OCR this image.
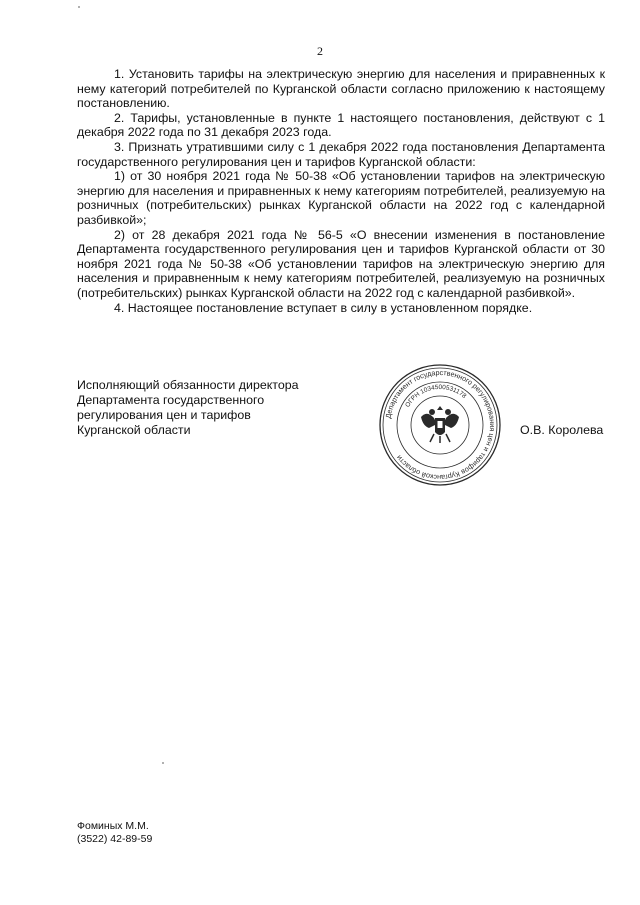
2

1. Установить тарифы на электрическую энергию для населения и приравненных к нему категорий потребителей по Курганской области согласно приложению к настоящему постановлению.

2. Тарифы, установленные в пункте 1 настоящего постановления, действуют с 1 декабря 2022 года по 31 декабря 2023 года.

3. Признать утратившими силу с 1 декабря 2022 года постановления Департамента государственного регулирования цен и тарифов Курганской области:

1) от 30 ноября 2021 года № 50-38 «Об установлении тарифов на электрическую энергию для населения и приравненных к нему категориям потребителей, реализуемую на розничных (потребительских) рынках Курганской области на 2022 год с календарной разбивкой»;

2) от 28 декабря 2021 года № 56-5 «О внесении изменения в постановление Департамента государственного регулирования цен и тарифов Курганской области от 30 ноября 2021 года № 50-38 «Об установлении тарифов на электрическую энергию для населения и приравненным к нему категориям потребителей, реализуемую на розничных (потребительских) рынках Курганской области на 2022 год с календарной разбивкой».

4. Настоящее постановление вступает в силу в установленном порядке.

Исполняющий обязанности директора
Департамента государственного
регулирования цен и тарифов
Курганской области
Департамент государственного регулирования цен и тарифов Курганской области
ОГРН 1034500531178
О.В. Королева
Фоминых М.М.
(3522) 42-89-59
